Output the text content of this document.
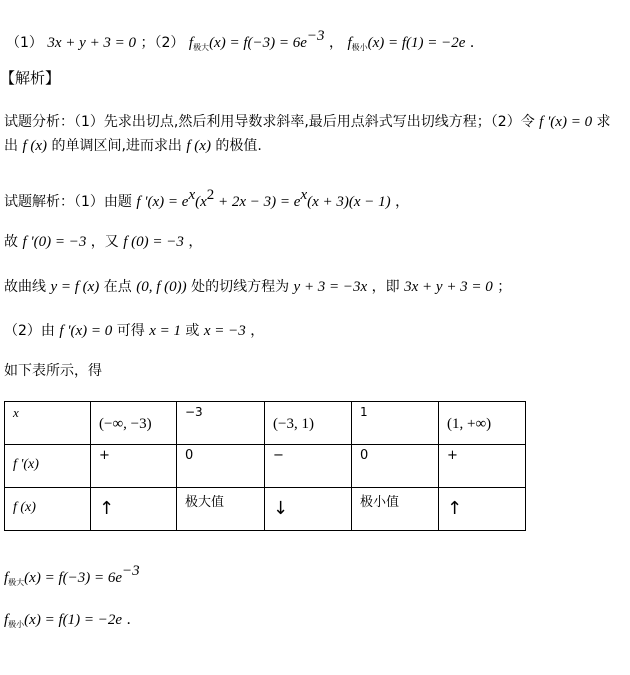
（1） 3x + y + 3 = 0 ；（2） $f_{极大}(x) = f(-3) = 6e^{-3}$ ， $f_{极小}(x) = f(1) = -2e$ ．
【解析】
试题分析：（1）先求出切点,然后利用导数求斜率,最后用点斜式写出切线方程；（2）令 f '(x) = 0 求
出 f (x) 的单调区间,进而求出 f (x) 的极值.
试题解析：（1）由题 f '$(x) = e^x(x^2 + 2x - 3) = e^x(x + 3)(x - 1)$ ，
故 f '(0) = −3 ，又 f (0) = −3 ，
故曲线 y = f (x) 在点 (0, f (0)) 处的切线方程为 y + 3 = −3x ，即 3x + y + 3 = 0 ；
（2）由 f '(x) = 0 可得 x = 1 或 x = −3 ，
如下表所示，得
x	(−∞, −3)	−3	(−3, 1)	1	(1, +∞)

f '(x)	+	0	−	0	+

f (x)	↑	极大值	↓	极小值	↑
$f_{极大}(x) = f(-3) = 6e^{-3}$
$f_{极小}(x) = f(1) = -2e$ ．
